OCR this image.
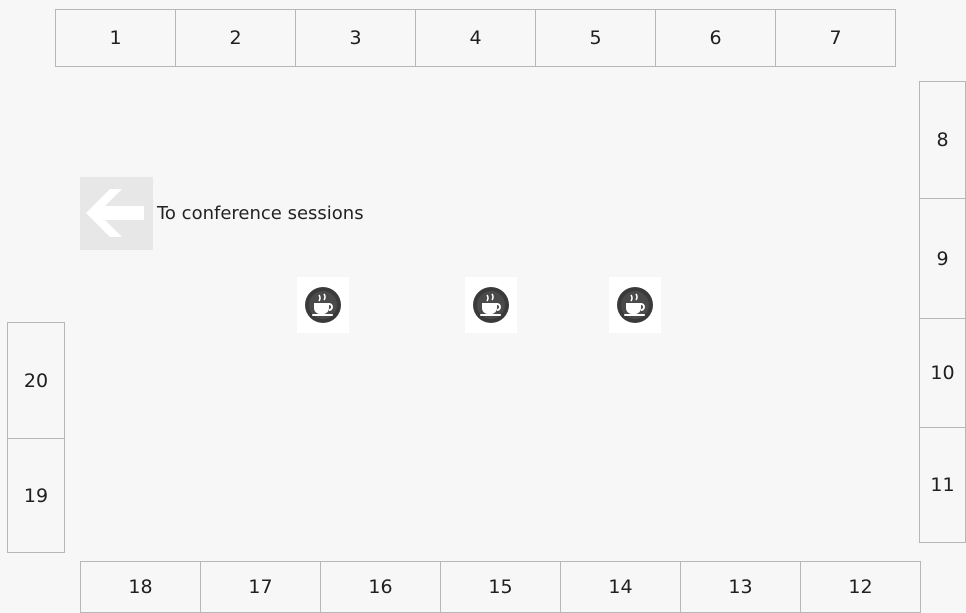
1	2	3	4	5	6	7
8
9
10
11
18	17	16	15	14	13	12
20
19
To conference sessions
